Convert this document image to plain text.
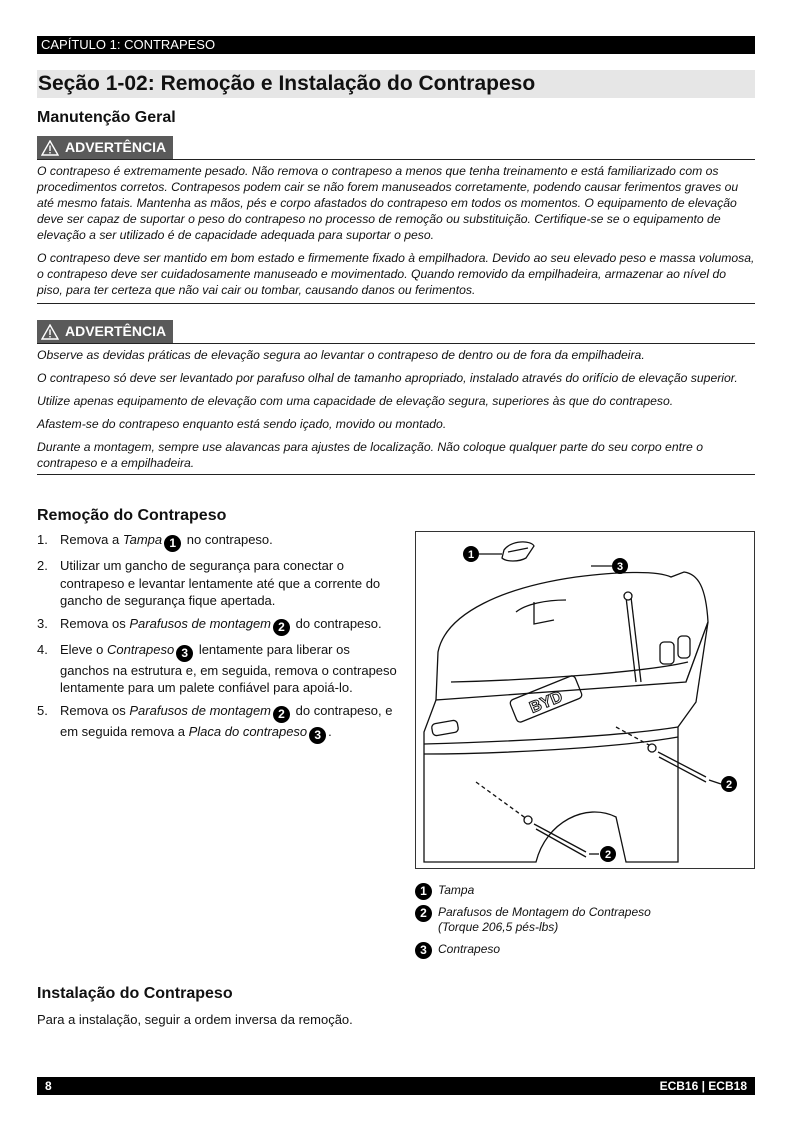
CAPÍTULO 1: CONTRAPESO
Seção 1-02: Remoção e Instalação do Contrapeso
Manutenção Geral
ADVERTÊNCIA

O contrapeso é extremamente pesado. Não remova o contrapeso a menos que tenha treinamento e está familiarizado com os procedimentos corretos. Contrapesos podem cair se não forem manuseados corretamente, podendo causar ferimentos graves ou até mesmo fatais. Mantenha as mãos, pés e corpo afastados do contrapeso em todos os momentos. O equipamento de elevação deve ser capaz de suportar o peso do contrapeso no processo de remoção ou substituição. Certifique-se se o equipamento de elevação a ser utilizado é de capacidade adequada para suportar o peso.

O contrapeso deve ser mantido em bom estado e firmemente fixado à empilhadora. Devido ao seu elevado peso e massa volumosa, o contrapeso deve ser cuidadosamente manuseado e movimentado. Quando removido da empilhadeira, armazenar ao nível do piso, para ter certeza que não vai cair ou tombar, causando danos ou ferimentos.

ADVERTÊNCIA

Observe as devidas práticas de elevação segura ao levantar o contrapeso de dentro ou de fora da empilhadeira.

O contrapeso só deve ser levantado por parafuso olhal de tamanho apropriado, instalado através do orifício de elevação superior.

Utilize apenas equipamento de elevação com uma capacidade de elevação segura, superiores às que do contrapeso.

Afastem-se do contrapeso enquanto está sendo içado, movido ou montado.

Durante a montagem, sempre use alavancas para ajustes de localização. Não coloque qualquer parte do seu corpo entre o contrapeso e a empilhadeira.

Remoção do Contrapeso
1. Remova a Tampa 1 no contrapeso.
2. Utilizar um gancho de segurança para conectar o contrapeso e levantar lentamente até que a corrente do gancho de segurança fique apertada.
3. Remova os Parafusos de montagem 2 do contrapeso.
4. Eleve o Contrapeso 3 lentamente para liberar os ganchos na estrutura e, em seguida, remova o contrapeso lentamente para um palete confiável para apoiá-lo.
5. Remova os Parafusos de montagem 2 do contrapeso, e em seguida remova a Placa do contrapeso 3 .
BYD
1
3
2
2
1 Tampa
2 Parafusos de Montagem do Contrapeso
(Torque 206,5 pés-lbs)
3 Contrapeso
Instalação do Contrapeso
Para a instalação, seguir a ordem inversa da remoção.
8	ECB16 | ECB18
